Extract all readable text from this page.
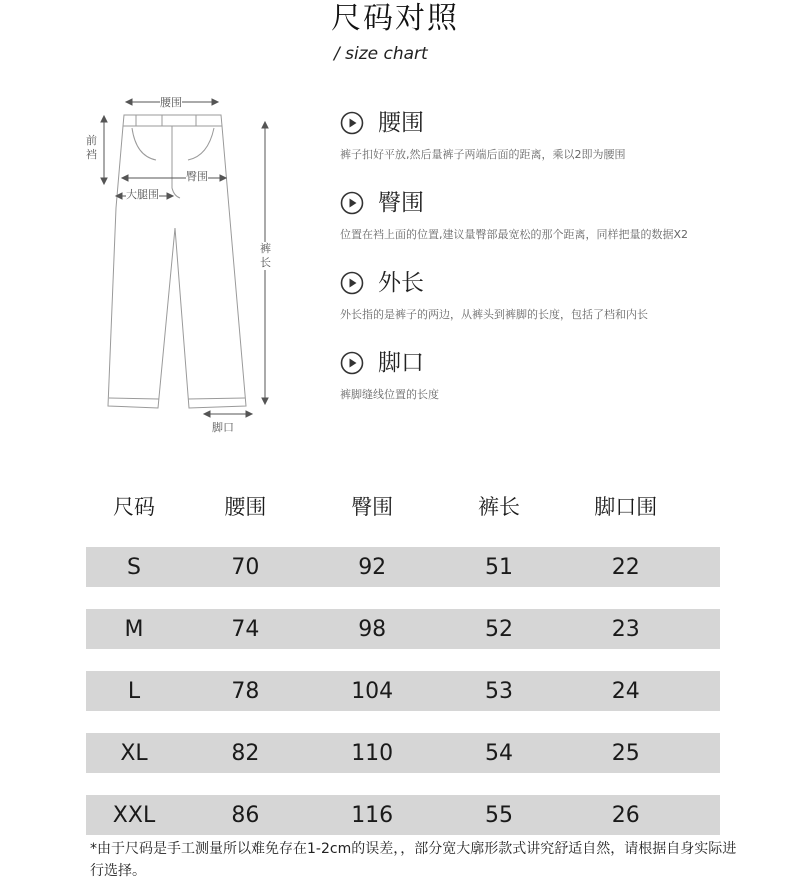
尺码对照
/ size chart
腰围
前裆
臀围
大腿围
裤长
脚口
腰围
裤子扣好平放,然后量裤子两端后面的距离，乘以2即为腰围
臀围
位置在裆上面的位置,建议量臀部最宽松的那个距离，同样把量的数据X2
外长
外长指的是裤子的两边，从裤头到裤脚的长度，包括了档和内长
脚口
裤脚缝线位置的长度
尺码	腰围	臀围	裤长	脚口围
S	70	92	51	22
M	74	98	52	23
L	78	104	53	24
XL	82	110	54	25
XXL	86	116	55	26
*由于尺码是手工测量所以难免存在1-2cm的误差，，部分宽大廓形款式讲究舒适自然，请根据自身实际进行选择。
